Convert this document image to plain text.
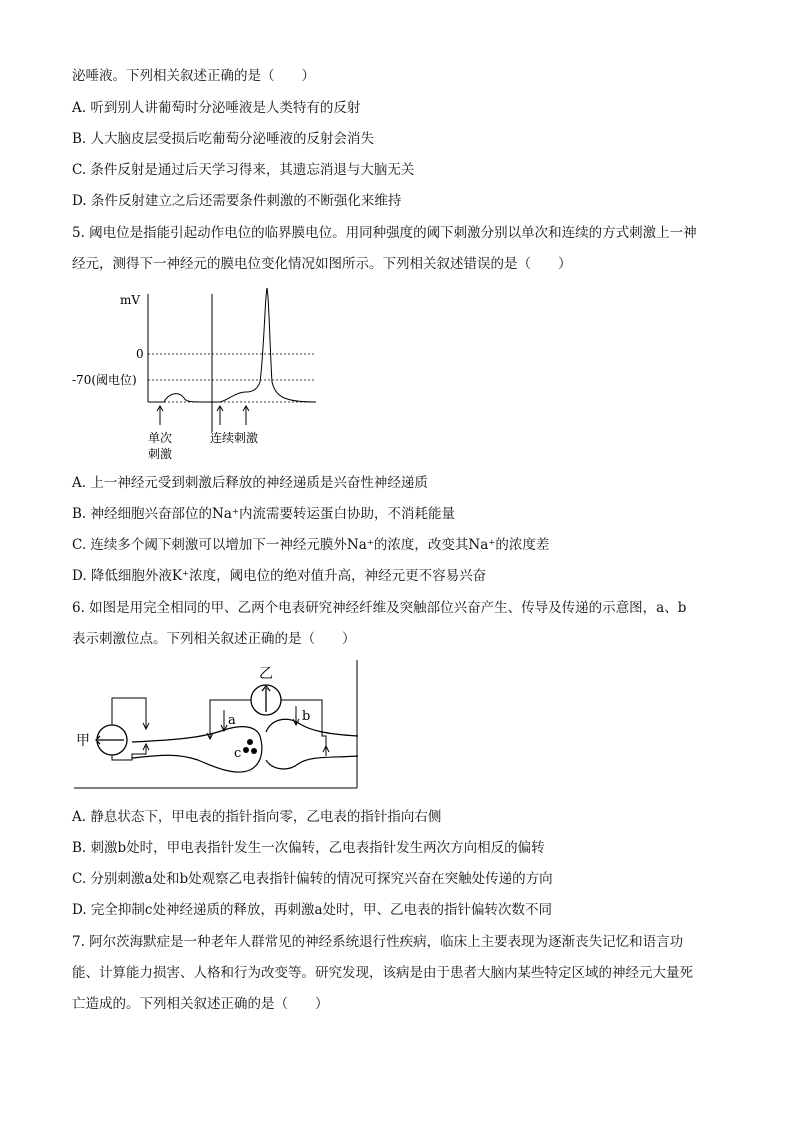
泌唾液。下列相关叙述正确的是（　　）
A. 听到别人讲葡萄时分泌唾液是人类特有的反射
B. 人大脑皮层受损后吃葡萄分泌唾液的反射会消失
C. 条件反射是通过后天学习得来，其遗忘消退与大脑无关
D. 条件反射建立之后还需要条件刺激的不断强化来维持
5. 阈电位是指能引起动作电位的临界膜电位。用同种强度的阈下刺激分别以单次和连续的方式刺激上一神
经元，测得下一神经元的膜电位变化情况如图所示。下列相关叙述错误的是（　　）
mV
0
-70(阈电位)
单次
刺激
连续刺激
A. 上一神经元受到刺激后释放的神经递质是兴奋性神经递质
B. 神经细胞兴奋部位的Na⁺内流需要转运蛋白协助，不消耗能量
C. 连续多个阈下刺激可以增加下一神经元膜外Na⁺的浓度，改变其Na⁺的浓度差
D. 降低细胞外液K⁺浓度，阈电位的绝对值升高，神经元更不容易兴奋
6. 如图是用完全相同的甲、乙两个电表研究神经纤维及突触部位兴奋产生、传导及传递的示意图，a、b
表示刺激位点。下列相关叙述正确的是（　　）
甲
乙
a	b
c
A. 静息状态下，甲电表的指针指向零，乙电表的指针指向右侧
B. 刺激b处时，甲电表指针发生一次偏转，乙电表指针发生两次方向相反的偏转
C. 分别刺激a处和b处观察乙电表指针偏转的情况可探究兴奋在突触处传递的方向
D. 完全抑制c处神经递质的释放，再刺激a处时，甲、乙电表的指针偏转次数不同
7. 阿尔茨海默症是一种老年人群常见的神经系统退行性疾病，临床上主要表现为逐渐丧失记忆和语言功
能、计算能力损害、人格和行为改变等。研究发现，该病是由于患者大脑内某些特定区域的神经元大量死
亡造成的。下列相关叙述正确的是（　　）
